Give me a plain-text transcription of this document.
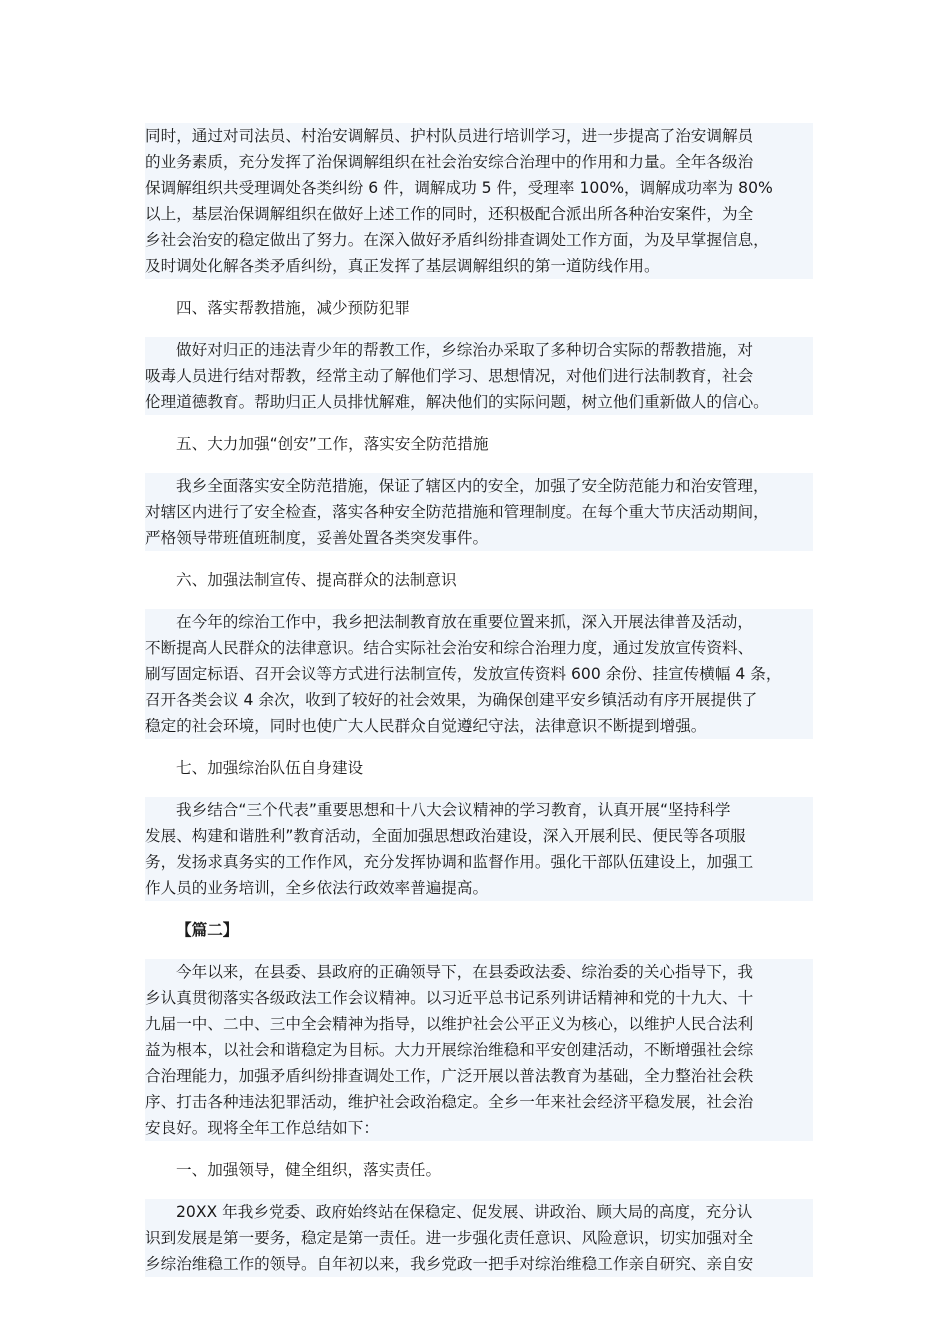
同时，通过对司法员、村治安调解员、护村队员进行培训学习，进一步提高了治安调解员
的业务素质，充分发挥了治保调解组织在社会治安综合治理中的作用和力量。全年各级治
保调解组织共受理调处各类纠纷 6 件，调解成功 5 件，受理率 100%，调解成功率为 80%
以上，基层治保调解组织在做好上述工作的同时，还积极配合派出所各种治安案件，为全
乡社会治安的稳定做出了努力。在深入做好矛盾纠纷排查调处工作方面，为及早掌握信息，
及时调处化解各类矛盾纠纷，真正发挥了基层调解组织的第一道防线作用。
四、落实帮教措施，减少预防犯罪
做好对归正的违法青少年的帮教工作，乡综治办采取了多种切合实际的帮教措施，对
吸毒人员进行结对帮教，经常主动了解他们学习、思想情况，对他们进行法制教育，社会
伦理道德教育。帮助归正人员排忧解难，解决他们的实际问题，树立他们重新做人的信心。
五、大力加强“创安”工作，落实安全防范措施
我乡全面落实安全防范措施，保证了辖区内的安全，加强了安全防范能力和治安管理，
对辖区内进行了安全检查，落实各种安全防范措施和管理制度。在每个重大节庆活动期间，
严格领导带班值班制度，妥善处置各类突发事件。
六、加强法制宣传、提高群众的法制意识
在今年的综治工作中，我乡把法制教育放在重要位置来抓，深入开展法律普及活动，
不断提高人民群众的法律意识。结合实际社会治安和综合治理力度，通过发放宣传资料、
刷写固定标语、召开会议等方式进行法制宣传，发放宣传资料 600 余份、挂宣传横幅 4 条，
召开各类会议 4 余次，收到了较好的社会效果，为确保创建平安乡镇活动有序开展提供了
稳定的社会环境，同时也使广大人民群众自觉遵纪守法，法律意识不断提到增强。
七、加强综治队伍自身建设
我乡结合“三个代表”重要思想和十八大会议精神的学习教育，认真开展“坚持科学
发展、构建和谐胜利”教育活动，全面加强思想政治建设，深入开展利民、便民等各项服
务，发扬求真务实的工作作风，充分发挥协调和监督作用。强化干部队伍建设上，加强工
作人员的业务培训，全乡依法行政效率普遍提高。
【篇二】
今年以来，在县委、县政府的正确领导下，在县委政法委、综治委的关心指导下，我
乡认真贯彻落实各级政法工作会议精神。以习近平总书记系列讲话精神和党的十九大、十
九届一中、二中、三中全会精神为指导，以维护社会公平正义为核心，以维护人民合法利
益为根本，以社会和谐稳定为目标。大力开展综治维稳和平安创建活动，不断增强社会综
合治理能力，加强矛盾纠纷排查调处工作，广泛开展以普法教育为基础，全力整治社会秩
序、打击各种违法犯罪活动，维护社会政治稳定。全乡一年来社会经济平稳发展，社会治
安良好。现将全年工作总结如下：
一、加强领导，健全组织，落实责任。
20XX 年我乡党委、政府始终站在保稳定、促发展、讲政治、顾大局的高度，充分认
识到发展是第一要务，稳定是第一责任。进一步强化责任意识、风险意识，切实加强对全
乡综治维稳工作的领导。自年初以来，我乡党政一把手对综治维稳工作亲自研究、亲自安
